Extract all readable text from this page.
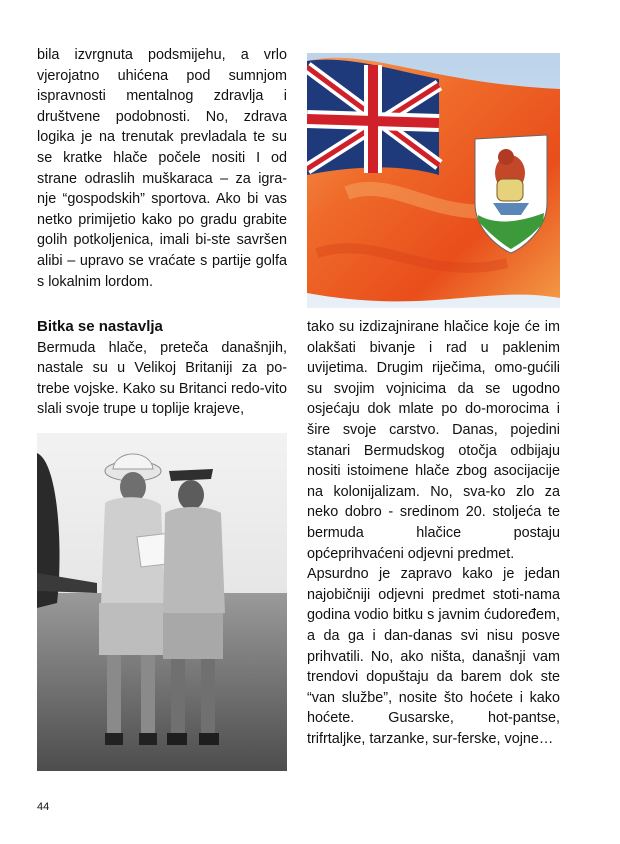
bila izvrgnuta podsmijehu, a vrlo vjerojatno uhićena pod sumnjom ispravnosti mentalnog zdravlja i društvene podobnosti. No, zdrava logika je na trenutak prevladala te su se kratke hlače počele nositi I od strane odraslih muškaraca – za igra-nje “gospodskih” sportova. Ako bi vas netko primijetio kako po gradu grabite golih potkoljenica, imali bi-ste savršen alibi – upravo se vraćate s partije golfa s lokalnim lordom.

Bitka se nastavlja

Bermuda hlače, preteča današnjih, nastale su u Velikoj Britaniji za po-trebe vojske. Kako su Britanci redo-vito slali svoje trupe u toplije krajeve,

tako su izdizajnirane hlačice koje će im olakšati bivanje i rad u paklenim uvijetima. Drugim riječima, omo-gućili su svojim vojnicima da se ugodno osjećaju dok mlate po do-morocima i šire svoje carstvo. Danas, pojedini stanari Bermudskog otočja odbijaju nositi istoimene hlače zbog asocijacije na kolonijalizam. No, sva-ko zlo za neko dobro - sredinom 20. stoljeća te bermuda hlačice postaju općeprihvaćeni odjevni predmet.

Apsurdno je zapravo kako je jedan najobičniji odjevni predmet stoti-nama godina vodio bitku s javnim ćudoređem, a da ga i dan-danas svi nisu posve prihvatili. No, ako ništa, današnji vam trendovi dopuštaju da barem dok ste “van službe”, nosite što hoćete i kako hoćete. Gusarske, hot-pantse, trifrtaljke, tarzanke, sur-ferske, vojne…

44
